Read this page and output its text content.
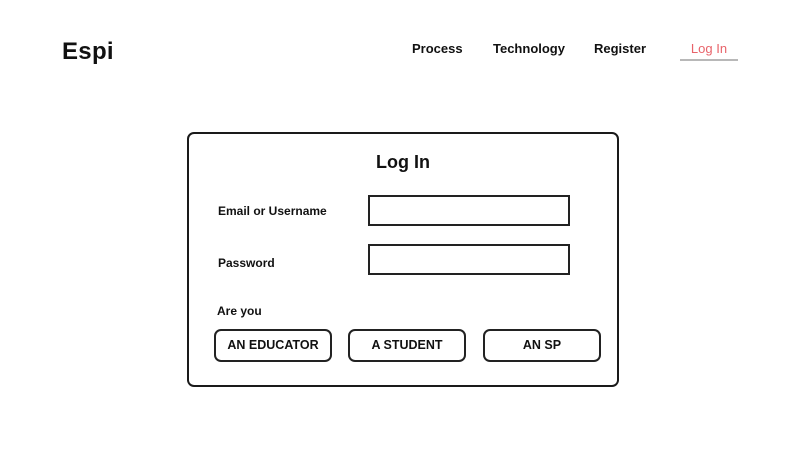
Espi	Process Technology Register	Log In
Log In
Email or Username
Password
Are you
AN EDUCATOR	A STUDENT	AN SP
